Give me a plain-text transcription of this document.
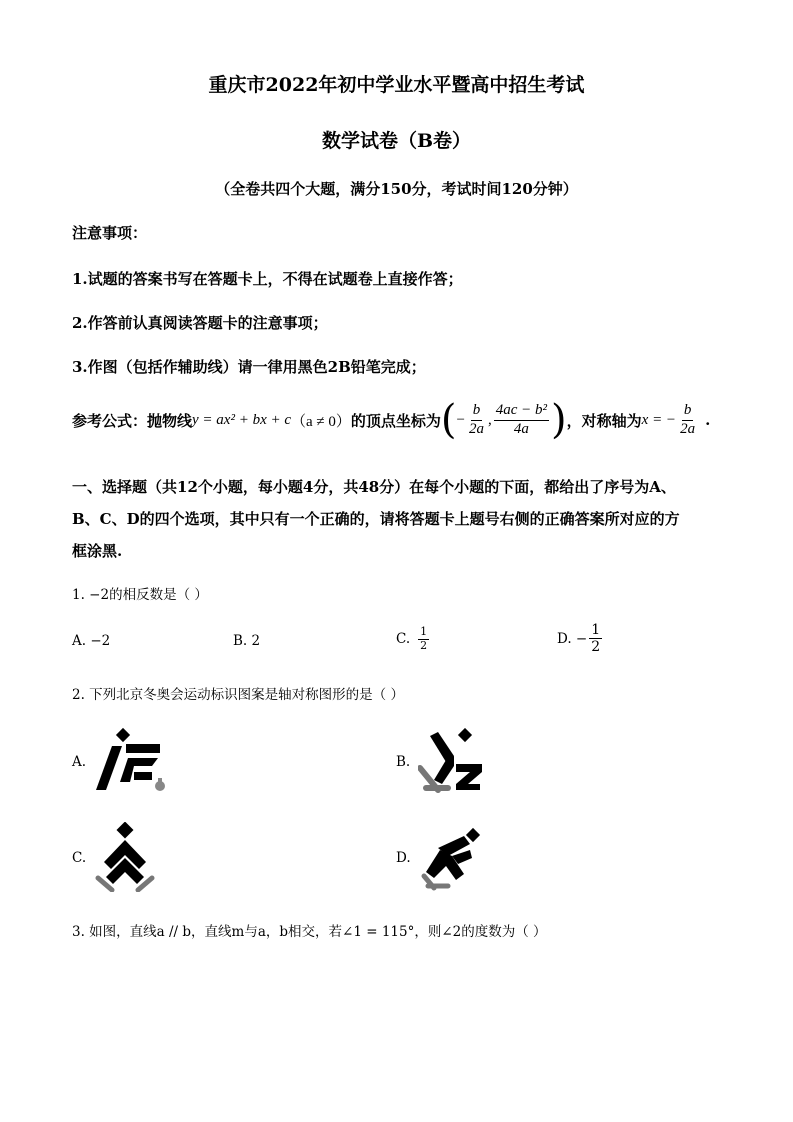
重庆市2022年初中学业水平暨高中招生考试
数学试卷（B卷）
（全卷共四个大题，满分150分，考试时间120分钟）
注意事项：
1.试题的答案书写在答题卡上，不得在试题卷上直接作答；
2.作答前认真阅读答题卡的注意事项；
3.作图（包括作辅助线）请一律用黑色2B铅笔完成；
参考公式：抛物线 y = ax² + bx + c （a ≠ 0） 的顶点坐标为 ( − $\frac{b}{2a}$ , $\frac{\text{4ac − b²}}{4a}$ ) ，对称轴为 x = − $\frac{b}{2a}$ .
一、选择题（共12个小题，每小题4分，共48分）在每个小题的下面，都给出了序号为A、
B、C、D的四个选项，其中只有一个正确的，请将答题卡上题号右侧的正确答案所对应的方
框涂黑.
1. −2的相反数是（ ）
A. −2	B. 2	C. $\frac{1}{2}$	D. − $\frac{1}{2}$
2. 下列北京冬奥会运动标识图案是轴对称图形的是（ ）
A.	B.
C.	D.
3. 如图，直线a // b，直线m与a，b相交，若∠1 = 115°，则∠2的度数为（ ）
